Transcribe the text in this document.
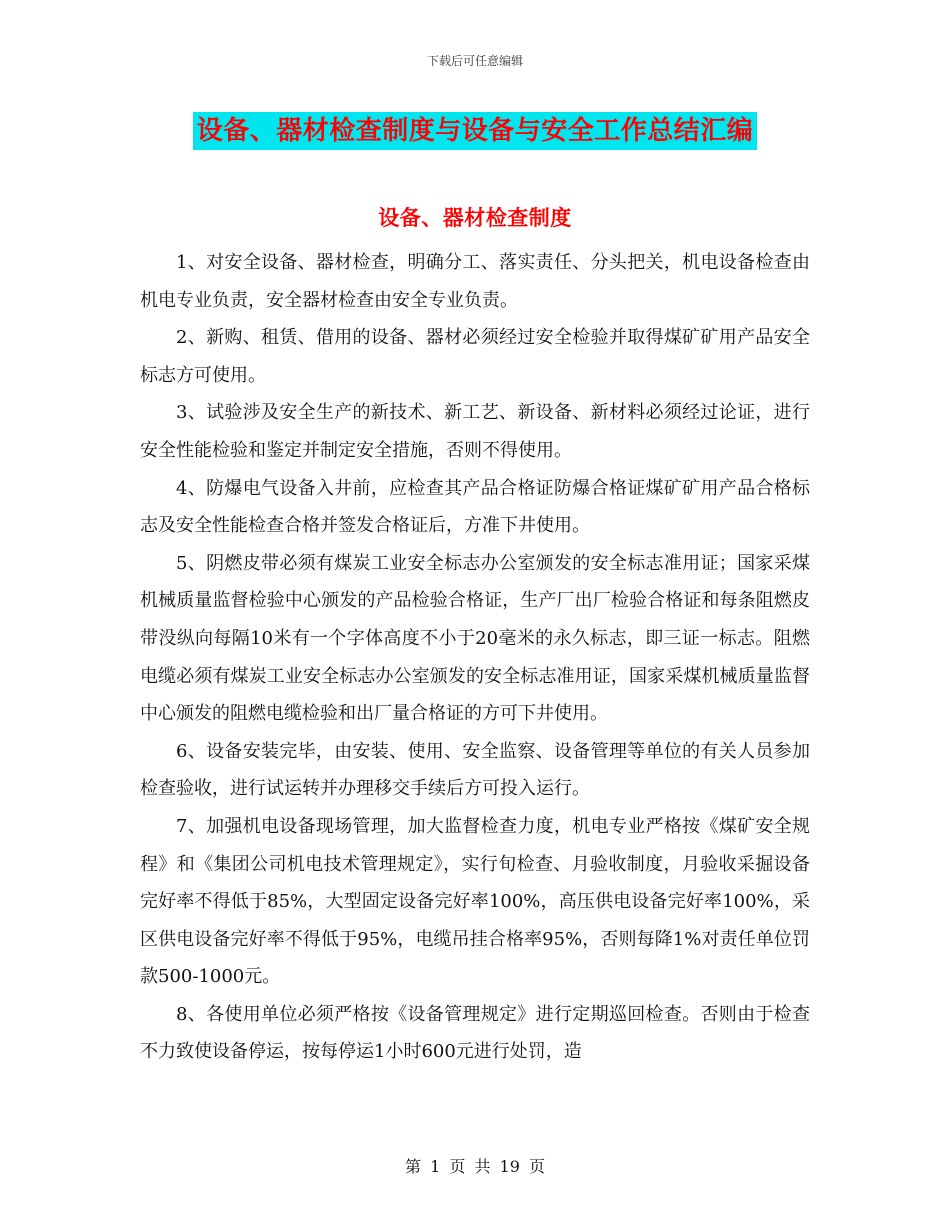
下载后可任意编辑
设备、器材检查制度与设备与安全工作总结汇编
设备、器材检查制度

1、对安全设备、器材检查，明确分工、落实责任、分头把关，机电设备检查由机电专业负责，安全器材检查由安全专业负责。

2、新购、租赁、借用的设备、器材必须经过安全检验并取得煤矿矿用产品安全标志方可使用。

3、试验涉及安全生产的新技术、新工艺、新设备、新材料必须经过论证，进行安全性能检验和鉴定并制定安全措施，否则不得使用。

4、防爆电气设备入井前，应检查其产品合格证防爆合格证煤矿矿用产品合格标志及安全性能检查合格并签发合格证后，方准下井使用。

5、阴燃皮带必须有煤炭工业安全标志办公室颁发的安全标志准用证；国家采煤机械质量监督检验中心颁发的产品检验合格证，生产厂出厂检验合格证和每条阻燃皮带没纵向每隔10米有一个字体高度不小于20毫米的永久标志，即三证一标志。阻燃电缆必须有煤炭工业安全标志办公室颁发的安全标志准用证，国家采煤机械质量监督中心颁发的阻燃电缆检验和出厂量合格证的方可下井使用。

6、设备安装完毕，由安装、使用、安全监察、设备管理等单位的有关人员参加检查验收，进行试运转并办理移交手续后方可投入运行。

7、加强机电设备现场管理，加大监督检查力度，机电专业严格按《煤矿安全规程》和《集团公司机电技术管理规定》，实行旬检查、月验收制度，月验收采掘设备完好率不得低于85%，大型固定设备完好率100%，高压供电设备完好率100%，采区供电设备完好率不得低于95%，电缆吊挂合格率95%，否则每降1%对责任单位罚款500-1000元。

8、各使用单位必须严格按《设备管理规定》进行定期巡回检查。否则由于检查不力致使设备停运，按每停运1小时600元进行处罚，造

第 1 页 共 19 页
